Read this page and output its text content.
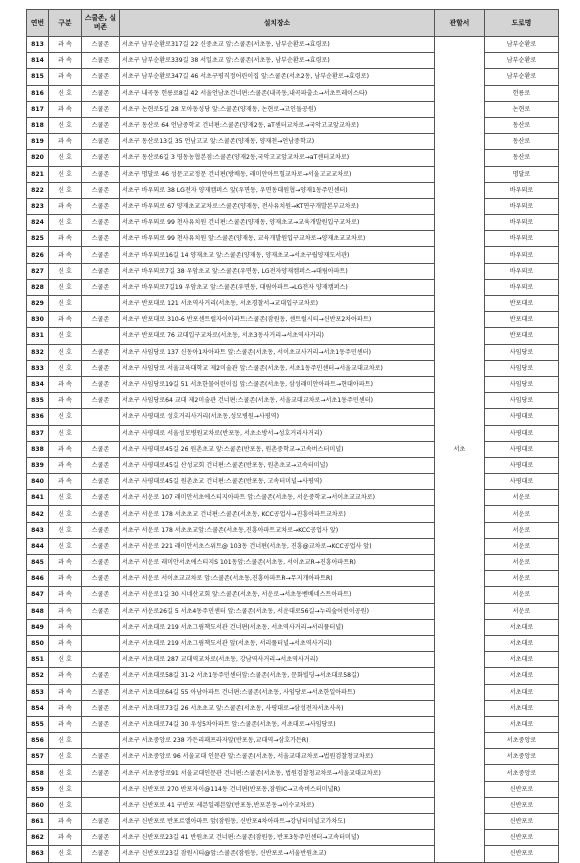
연번	구분	스쿨존, 실버존	설치장소	관할서	도로명
813	과 속	스쿨존	서초구 남부순환로317길 22 신중초교 앞:스쿨존(서초동, 남부순환로→효령로)	서초	남부순환로
814	과 속	스쿨존	서초구 남부순환로339길 38 서일초교 앞:스쿨존(서초동, 남부순환로→효령로)		남부순환로
815	과 속	스쿨존	서초구 남부순환로347길 46 서초구평직정어린이집 앞:스쿨존(서초2동, 남부순환로→효령로)		남부순환로
816	신 호	스쿨존	서초구 내곡동 헌릉로8길 42 서울언남초건너편:스쿨존(내곡동,내곡파출소→서초트레이스타)		헌릉로
817	과 속	스쿨존	서초구 논현로5길 28 모아동성당 앞:스쿨존(양재동, 논현로→고인돌공원)		논현로
818	신 호	스쿨존	서초구 동산로 64 언남중학교 건너편:스쿨존(양재2동, aT센터교차로→국악고교앞교차로)		동산로
819	과 속	스쿨존	서초구 동산로13길 35 언남고교 앞:스쿨존(양재동, 양재천→언남중학교)		동산로
820	신 호	스쿨존	서초구 동산로6길 3 영동농협본점:스쿨존(양재2동,국악고교앞교차로→aT센터교차로)		동산로
821	신 호	스쿨존	서초구 명달로 46 성문고교정문 건너편(방배동, 래미안아트힐교차로→서울고교교차로)		명달로
822	신 호	스쿨존	서초구 바우뫼로 38 LG전자 양재캠퍼스 앞(우면동, 우면동대원협→양재1동주민센터)		바우뫼로
823	과 속	스쿨존	서초구 바우뫼로 67 양재초교교차로:스쿨존(양재동, 전사유치원→KT연구개발본부교차로)		바우뫼로
824	신 호	스쿨존	서초구 바우뫼로 99 천사유치원 건너편:스쿨존(양재동, 양재초교→교육개발원입구교차로)		바우뫼로
825	과 속	스쿨존	서초구 바우뫼로 99 천사유치원 앞:스쿨존(양재동, 교육개발원입구교차로→양재초교교차로)		바우뫼로
826	과 속	스쿨존	서초구 바우뫼로16길 14 양재초교 앞:스쿨존(양재동, 양재초교→서초구립양재도서관)		바우뫼로
827	신 호	스쿨존	서초구 바우뫼로7길 38 우암초교 앞:스쿨존(우면동, LG전자양재캠퍼스→대림아파트)		바우뫼로
828	신 호	스쿨존	서초구 바우뫼로7길19 우암초교 앞:스쿨존(우면동, 대림아파트→LG전자 양재캠퍼스)		바우뫼로
829	신 호		서초구 반포대로 121 서초역사거리(서초동, 서초경찰서→교대입구교차로)		반포대로
830	과 속	스쿨존	서초구 반포대로 310-6 반포센트럴자이아파트:스쿨존(잠원동, 센트럴시티→신반포2차아파트)		반포대로
831	신 호		서초구 반포대로 76 교대입구교차로(서초동, 서초3동사거리→서초역사거리)		반포대로
832	신 호	스쿨존	서초구 사임당로 137 신동아1차아파트 앞:스쿨존(서초동, 서이초교사거리→서초1동주민센터)		사임당로
833	신 호	스쿨존	서초구 사임당로 서울교육대학교 제2미술관 앞:스쿨존(서초동, 서초1동주민센터→서울교대교차로)		사임당로
834	과 속	스쿨존	서초구 사임당로19길 51 서초한물어린이집 앞:스쿨존(서초동, 삼성래미안아파트→현대아파트)		사임당로
835	과 속	스쿨존	서초구 사임당로64 교대 제2미술관 건너편:스쿨존(서초동, 서울교대교차로→서초1동주민센터)		사임당로
836	신 호		서초구 사평대로 성호거리사거리(서초동,성모병원→사평역)		사평대로
837	신 호		서초구 사평대로 서울성모병원교차로(반포동, 서초소방서→성호거리사거리)		사평대로
838	과 속	스쿨존	서초구 사평대로45길 26 원촌초교 앞:스쿨존(반포동, 원촌중학교→고속버스터미널)		사평대로
839	과 속	스쿨존	서초구 사평대로45길 산성교회 건너편:스쿨존(반포동, 원촌초교→고속터미널)		사평대로
840	과 속	스쿨존	서초구 사평대로45길 원촌초교 건너편:스쿨존(반포동, 고속터미널→사평역)		사평대로
841	신 호	스쿨존	서초구 서운로 107 래미안서초에스티지아파트 앞:스쿨존(서초동, 서운중학교→서이초교교차로)		서운로
842	신 호	스쿨존	서초구 서운로 178 서초초교 건너편:스쿨존(서초동, KCC공업사→진흥아파트교차로)		서운로
843	신 호	스쿨존	서초구 서운로 178 서초초교앞:스쿨존(서초동,진흥아파트교차로→KCC공업사 앞)		서운로
844	신 호	스쿨존	서초구 서운로 221 래미안서초스위트@ 103동 건너편(서초동, 진흥@교차로→KCC공업사 앞)		서운로
845	과 속	스쿨존	서초구 서운로 래미안서초에스티지S 101동앞:스쿨존(서초동, 서이초교R→진흥아파트R)		서운로
846	과 속	스쿨존	서초구 서운로 서이초교교차로 앞:스쿨존(서초동,진흥아파트R→무지개아파트R)		서운로
847	과 속	스쿨존	서초구 서운로1길 30 시네산교회 앞:스쿨존(서초동, 서운로→서초동벤베네스트아파트)		서운로
848	과 속	스쿨존	서초구 서운로26길 5 서초4동주민센터 앞:스쿨존(서초동, 서운대로56길→누리숲어린이공원)		서운로
849	과 속		서초구 서초대로 219 서초그림책도서관 건너편(서초동, 서초역사거리→서리풀터널)		서초대로
850	과 속		서초구 서초대로 219 서초그림책도서관 앞(서초동, 서리풀터널→서초역사거리)		서초대로
851	신 호		서초구 서초대로 287 교대역교차로(서초동, 강남역사거리→서초역사거리)		서초대로
852	과 속	스쿨존	서초구 서초대로58길 31-2 서초1동주민센터앞:스쿨존(서초동, 문화빌딩→서초대로58길)		서초대로
853	과 속	스쿨존	서초구 서초대로64길 55 아남아파트 건너편:스쿨존(서초동, 사임당로→서초한일아파트)		서초대로
854	과 속	스쿨존	서초구 서초대로73길 26 서초초교 앞:스쿨존(서초동, 사평대로→삼성전자서초사옥)		서초대로
855	과 속	스쿨존	서초구 서초대로74길 30 우성5차아파트 앞:스쿨존(서초동, 서초대로→사임당로)		서초대로
856	신 호		서초구 서초중앙로 238 가든리패프라자앞(반포동,교대역→삼호가든R)		서초중앙로
857	신 호	스쿨존	서초구 서초중앙로 96 서울교대 인문관 앞:스쿨존(서초동, 서울교대교차로→법원검찰청교차로)		서초중앙로
858	신 호	스쿨존	서초구 서초중앙로91 서울교대인문관 건너편:스쿨존(서초동, 법원검찰청교차로→서울교대교차로)		서초중앙로
859	신 호		서초구 신반포로 270 반포자이@114동 건너편(반포동,잠원IC→고속버스터미널R)		신반포로
860	신 호		서초구 신반포로 41 구반포 세븐일레븐앞(반포동,반포본동→이수교차로)		신반포로
861	과 속	스쿨존	서초구 신반포로 반포르엘아파트 앞(잠원동, 신반포4차아파트→강남터미널고가차도)		신반포로
862	과 속	스쿨존	서초구 신반포로23길 41 반원초교 건너편:스쿨존(잠원동, 반포3동주민센터→고속터미널)		신반포로
863	신 호	스쿨존	서초구 신반포로23길 잠원시티@앞:스쿨존(잠원동, 신반포로→서울반원초교)		신반포로
